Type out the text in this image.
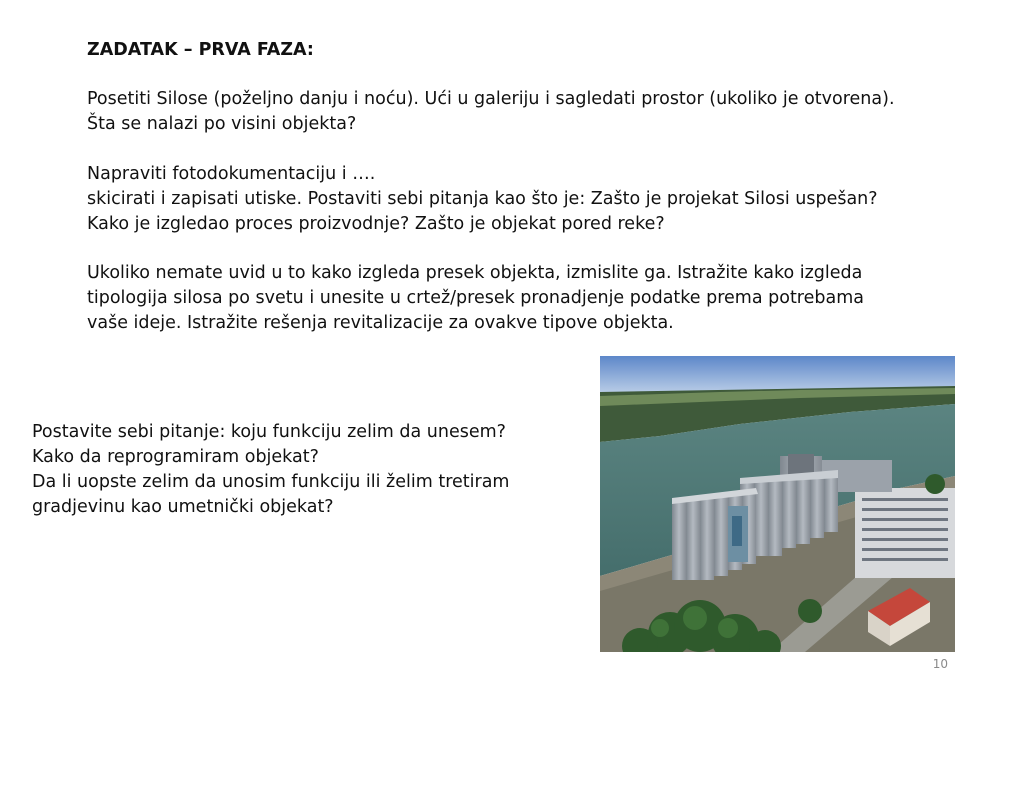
ZADATAK – PRVA FAZA:

Posetiti Silose (poželjno danju i noću). Ući u galeriju i sagledati prostor (ukoliko je otvorena).

Šta se nalazi po visini objekta?

Napraviti fotodokumentaciju i ….

skicirati i zapisati utiske. Postaviti sebi pitanja kao što je: Zašto je projekat Silosi uspešan?

Kako je izgledao proces proizvodnje? Zašto je objekat pored reke?

Ukoliko nemate uvid u to kako izgleda presek objekta, izmislite ga. Istražite kako izgleda

tipologija silosa po svetu i unesite u crtež/presek pronadjenje podatke prema potrebama

vaše ideje. Istražite rešenja revitalizacije za ovakve tipove objekta.

Postavite sebi pitanje: koju funkciju zelim da unesem?

Kako da reprogramiram objekat?

Da li uopste zelim da unosim funkciju ili želim tretiram

gradjevinu kao umetnički objekat?

10
